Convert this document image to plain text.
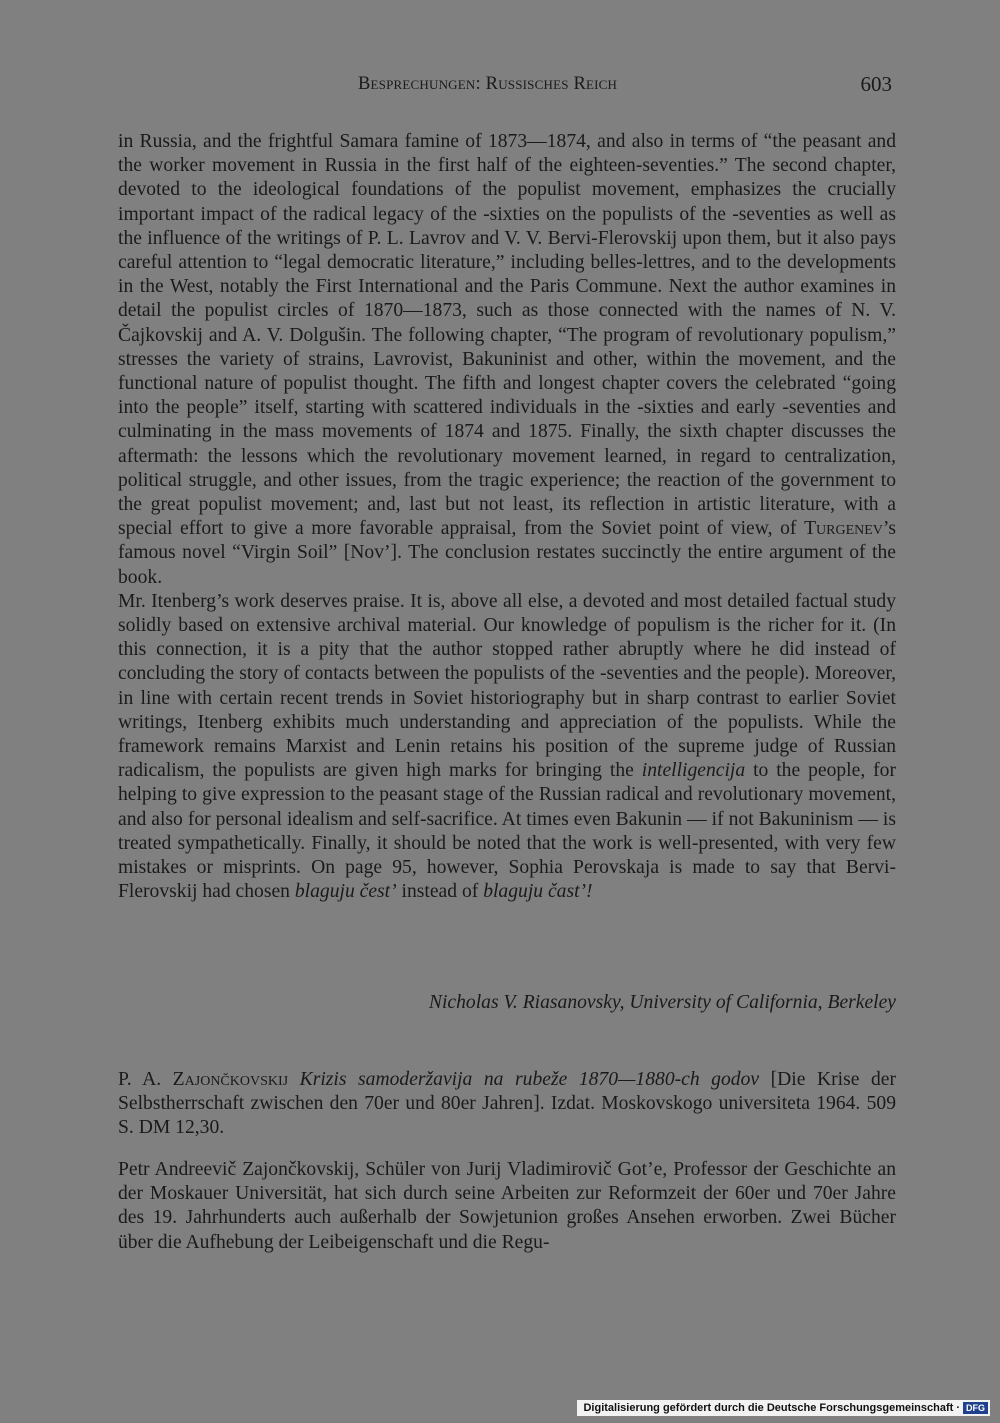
Besprechungen: Russisches Reich	603

in Russia, and the frightful Samara famine of 1873—1874, and also in terms of “the peasant and the worker movement in Russia in the first half of the eighteen-seventies.” The second chapter, devoted to the ideological foundations of the populist movement, emphasizes the crucially important impact of the radical legacy of the -sixties on the populists of the -seventies as well as the influence of the writings of P. L. Lavrov and V. V. Bervi-Flerovskij upon them, but it also pays careful attention to “legal democratic literature,” including belles-lettres, and to the developments in the West, notably the First International and the Paris Commune. Next the author examines in detail the populist circles of 1870—1873, such as those connected with the names of N. V. Čajkovskij and A. V. Dolgušin. The following chapter, “The program of revolutionary populism,” stresses the variety of strains, Lavrovist, Bakuninist and other, within the movement, and the functional nature of populist thought. The fifth and longest chapter covers the celebrated “going into the people” itself, starting with scattered individuals in the -sixties and early -seventies and culminating in the mass movements of 1874 and 1875. Finally, the sixth chapter discusses the aftermath: the lessons which the revolutionary movement learned, in regard to centralization, political struggle, and other issues, from the tragic experience; the reaction of the government to the great populist movement; and, last but not least, its reflection in artistic literature, with a special effort to give a more favorable appraisal, from the Soviet point of view, of Turgenev’s famous novel “Virgin Soil” [Nov’]. The conclusion restates succinctly the entire argument of the book.

Mr. Itenberg’s work deserves praise. It is, above all else, a devoted and most detailed factual study solidly based on extensive archival material. Our knowledge of populism is the richer for it. (In this connection, it is a pity that the author stopped rather abruptly where he did instead of concluding the story of contacts between the populists of the -seventies and the people). Moreover, in line with certain recent trends in Soviet historiography but in sharp contrast to earlier Soviet writings, Itenberg exhibits much understanding and appreciation of the populists. While the framework remains Marxist and Lenin retains his position of the supreme judge of Russian radicalism, the populists are given high marks for bringing the intelligencija to the people, for helping to give expression to the peasant stage of the Russian radical and revolutionary movement, and also for personal idealism and self-sacrifice. At times even Bakunin — if not Bakuninism — is treated sympathetically. Finally, it should be noted that the work is well-presented, with very few mistakes or misprints. On page 95, however, Sophia Perovskaja is made to say that Bervi-Flerovskij had chosen blaguju čest’ instead of blaguju čast’!

Nicholas V. Riasanovsky, University of California, Berkeley

P. A. Zajončkovskij Krizis samoderžavija na rubeže 1870—1880-ch godov [Die Krise der Selbstherrschaft zwischen den 70er und 80er Jahren]. Izdat. Moskovskogo universiteta 1964. 509 S. DM 12,30.

Petr Andreevič Zajončkovskij, Schüler von Jurij Vladimirovič Got’e, Professor der Geschichte an der Moskauer Universität, hat sich durch seine Arbeiten zur Reformzeit der 60er und 70er Jahre des 19. Jahrhunderts auch außerhalb der Sowjetunion großes Ansehen erworben. Zwei Bücher über die Aufhebung der Leibeigenschaft und die Regu-

Digitalisierung gefördert durch die Deutsche Forschungsgemeinschaft · DFG
